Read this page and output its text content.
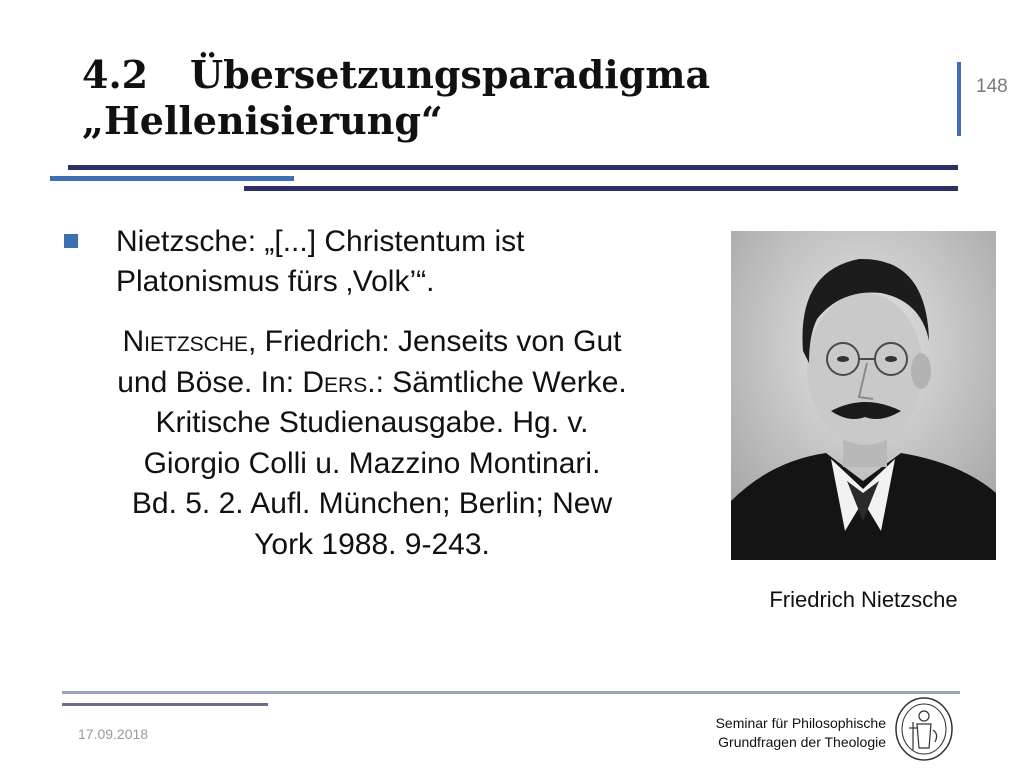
4.2 Übersetzungsparadigma
„Hellenisierung“
148
Nietzsche: „[...] Christentum ist
Platonismus fürs ‚Volk’“.
Nietzsche, Friedrich: Jenseits von Gut
und Böse. In: Ders.: Sämtliche Werke.
Kritische Studienausgabe. Hg. v.
Giorgio Colli u. Mazzino Montinari.
Bd. 5. 2. Aufl. München; Berlin; New
York 1988. 9-243.
Friedrich Nietzsche
17.09.2018
Seminar für Philosophische
Grundfragen der Theologie
